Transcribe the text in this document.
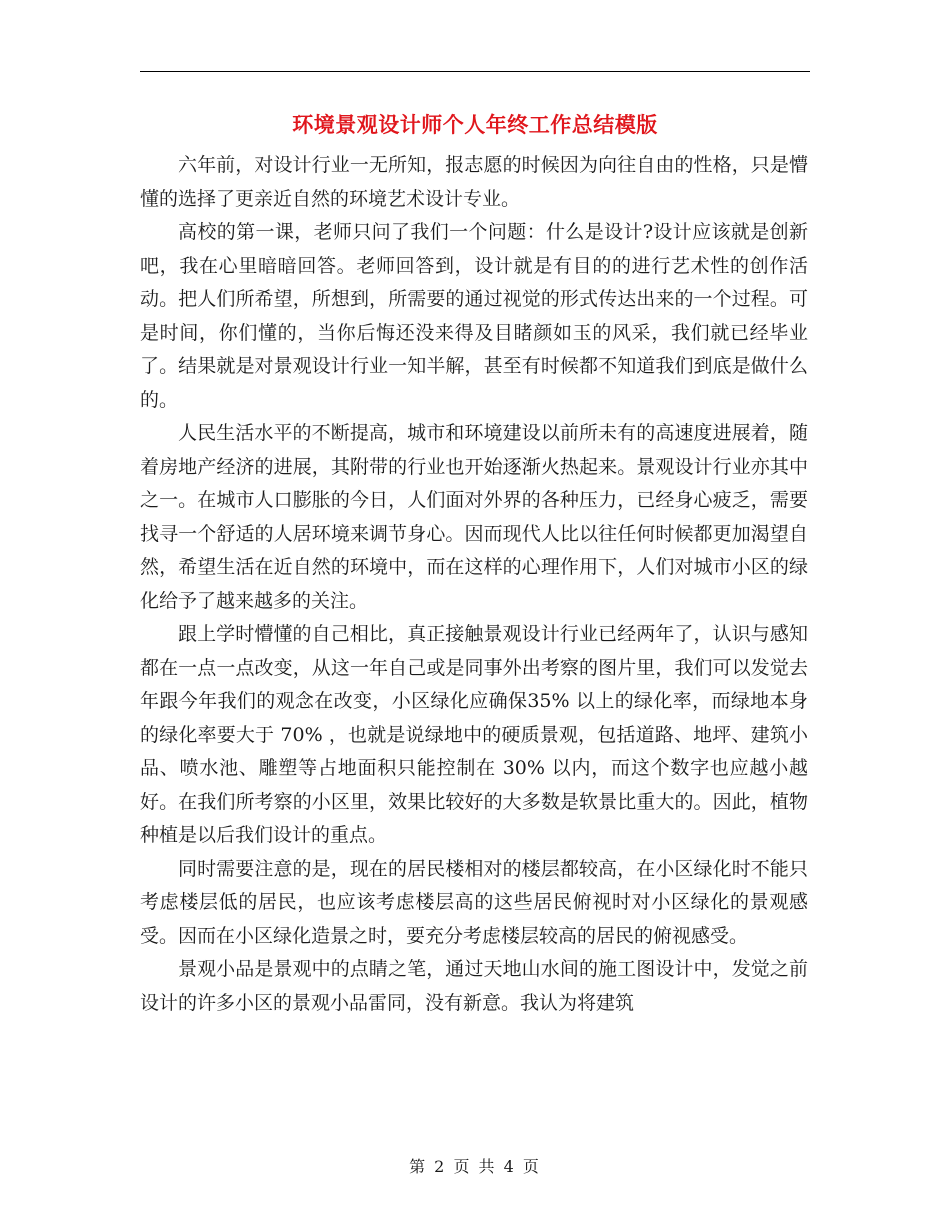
环境景观设计师个人年终工作总结模版

六年前，对设计行业一无所知，报志愿的时候因为向往自由的性格，只是懵懂的选择了更亲近自然的环境艺术设计专业。

高校的第一课，老师只问了我们一个问题：什么是设计?设计应该就是创新吧，我在心里暗暗回答。老师回答到，设计就是有目的的进行艺术性的创作活动。把人们所希望，所想到，所需要的通过视觉的形式传达出来的一个过程。可是时间，你们懂的，当你后悔还没来得及目睹颜如玉的风采，我们就已经毕业了。结果就是对景观设计行业一知半解，甚至有时候都不知道我们到底是做什么的。

人民生活水平的不断提高，城市和环境建设以前所未有的高速度进展着，随着房地产经济的进展，其附带的行业也开始逐渐火热起来。景观设计行业亦其中之一。在城市人口膨胀的今日，人们面对外界的各种压力，已经身心疲乏，需要找寻一个舒适的人居环境来调节身心。因而现代人比以往任何时候都更加渴望自然，希望生活在近自然的环境中，而在这样的心理作用下，人们对城市小区的绿化给予了越来越多的关注。

跟上学时懵懂的自己相比，真正接触景观设计行业已经两年了，认识与感知都在一点一点改变，从这一年自己或是同事外出考察的图片里，我们可以发觉去年跟今年我们的观念在改变，小区绿化应确保35% 以上的绿化率，而绿地本身的绿化率要大于 70% ，也就是说绿地中的硬质景观，包括道路、地坪、建筑小品、喷水池、雕塑等占地面积只能控制在 30% 以内，而这个数字也应越小越好。在我们所考察的小区里，效果比较好的大多数是软景比重大的。因此，植物种植是以后我们设计的重点。

同时需要注意的是，现在的居民楼相对的楼层都较高，在小区绿化时不能只考虑楼层低的居民，也应该考虑楼层高的这些居民俯视时对小区绿化的景观感受。因而在小区绿化造景之时，要充分考虑楼层较高的居民的俯视感受。

景观小品是景观中的点睛之笔，通过天地山水间的施工图设计中，发觉之前设计的许多小区的景观小品雷同，没有新意。我认为将建筑

第 2 页 共 4 页
